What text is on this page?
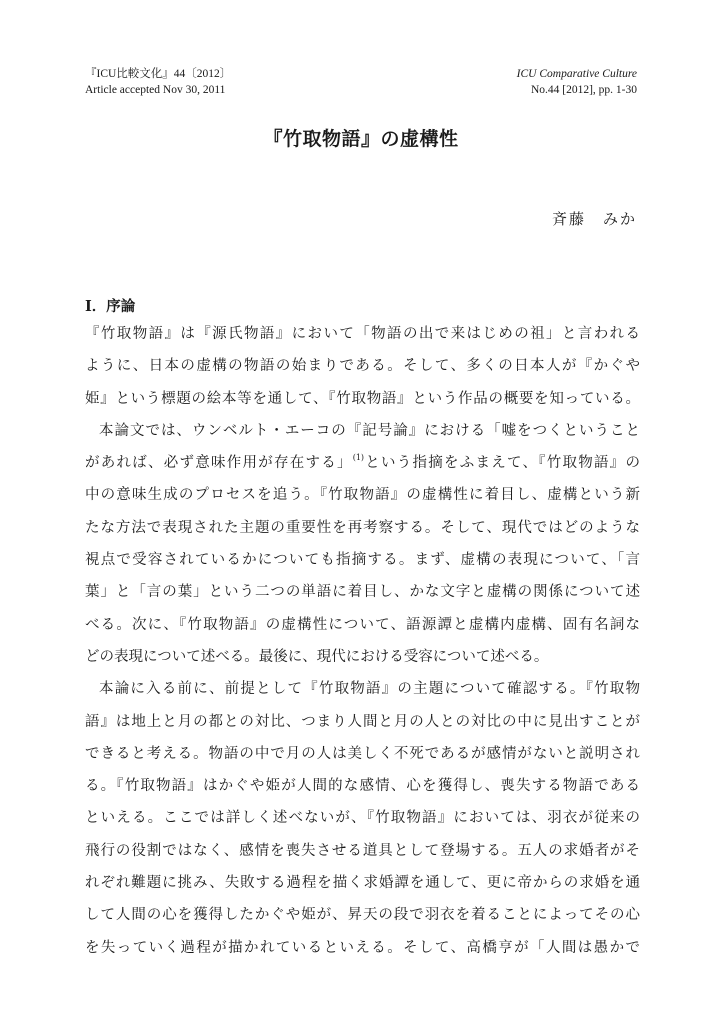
『ICU比較文化』44〔2012〕
Article accepted Nov 30, 2011
ICU Comparative Culture
No.44 [2012], pp. 1-30
『竹取物語』の虚構性
斉藤　みか
Ⅰ．序論
『竹取物語』は『源氏物語』において「物語の出で来はじめの祖」と言われる
ように、日本の虚構の物語の始まりである。そして、多くの日本人が『かぐや
姫』という標題の絵本等を通して、『竹取物語』という作品の概要を知っている。
本論文では、ウンベルト・エーコの『記号論』における「嘘をつくということ
があれば、必ず意味作用が存在する」$^{(1)}$という指摘をふまえて、『竹取物語』の
中の意味生成のプロセスを追う。『竹取物語』の虚構性に着目し、虚構という新
たな方法で表現された主題の重要性を再考察する。そして、現代ではどのような
視点で受容されているかについても指摘する。まず、虚構の表現について、「言
葉」と「言の葉」という二つの単語に着目し、かな文字と虚構の関係について述
べる。次に、『竹取物語』の虚構性について、語源譚と虚構内虚構、固有名詞な
どの表現について述べる。最後に、現代における受容について述べる。
本論に入る前に、前提として『竹取物語』の主題について確認する。『竹取物
語』は地上と月の都との対比、つまり人間と月の人との対比の中に見出すことが
できると考える。物語の中で月の人は美しく不死であるが感情がないと説明され
る。『竹取物語』はかぐや姫が人間的な感情、心を獲得し、喪失する物語である
といえる。ここでは詳しく述べないが、『竹取物語』においては、羽衣が従来の
飛行の役割ではなく、感情を喪失させる道具として登場する。五人の求婚者がそ
れぞれ難題に挑み、失敗する過程を描く求婚譚を通して、更に帝からの求婚を通
して人間の心を獲得したかぐや姫が、昇天の段で羽衣を着ることによってその心
を失っていく過程が描かれているといえる。そして、高橋亨が「人間は愚かで
